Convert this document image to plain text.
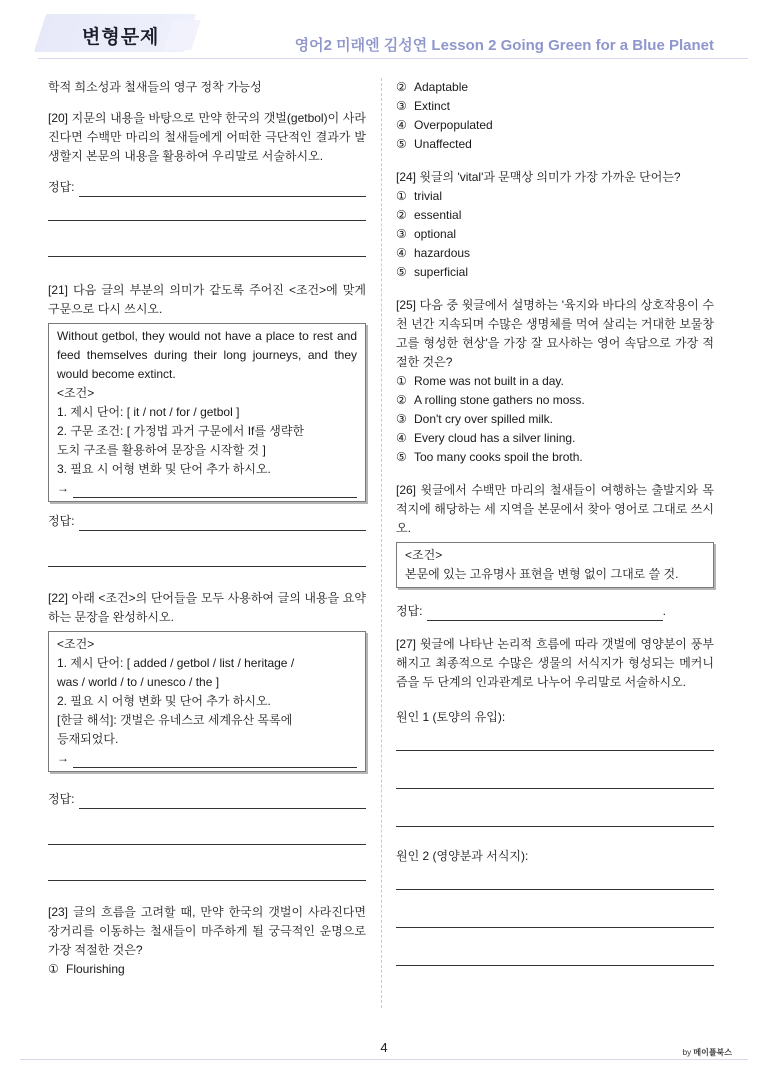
변형문제	영어2 미래엔 김성연 Lesson 2 Going Green for a Blue Planet

학적 희소성과 철새들의 영구 정착 가능성

[20] 지문의 내용을 바탕으로 만약 한국의 갯벌(getbol)이 사라진다면 수백만 마리의 철새들에게 어떠한 극단적인 결과가 발생할지 본문의 내용을 활용하여 우리말로 서술하시오.

정답:

[21] 다음 글의 부분의 의미가 같도록 주어진 <조건>에 맞게 구문으로 다시 쓰시오.

Without getbol, they would not have a place to rest and feed themselves during their long journeys, and they would become extinct.

<조건>

1. 제시 단어: [ it / not / for / getbol ]

2. 구문 조건: [ 가정법 과거 구문에서 If를 생략한

도치 구조를 활용하여 문장을 시작할 것 ]

3. 필요 시 어형 변화 및 단어 추가 하시오.

→
정답:

[22] 아래 <조건>의 단어들을 모두 사용하여 글의 내용을 요약하는 문장을 완성하시오.

<조건>

1. 제시 단어: [ added / getbol / list / heritage /

was / world / to / unesco / the ]

2. 필요 시 어형 변화 및 단어 추가 하시오.

[한글 해석]: 갯벌은 유네스코 세계유산 목록에

등재되었다.

→
정답:

[23] 글의 흐름을 고려할 때, 만약 한국의 갯벌이 사라진다면 장거리를 이동하는 철새들이 마주하게 될 궁극적인 운명으로 가장 적절한 것은?

① Flourishing
② Adaptable
③ Extinct
④ Overpopulated
⑤ Unaffected

[24] 윗글의 'vital'과 문맥상 의미가 가장 가까운 단어는?

① trivial
② essential
③ optional
④ hazardous
⑤ superficial

[25] 다음 중 윗글에서 설명하는 '육지와 바다의 상호작용이 수천 년간 지속되며 수많은 생명체를 먹여 살리는 거대한 보물창고를 형성한 현상'을 가장 잘 묘사하는 영어 속담으로 가장 적절한 것은?

① Rome was not built in a day.
② A rolling stone gathers no moss.
③ Don't cry over spilled milk.
④ Every cloud has a silver lining.
⑤ Too many cooks spoil the broth.

[26] 윗글에서 수백만 마리의 철새들이 여행하는 출발지와 목적지에 해당하는 세 지역을 본문에서 찾아 영어로 그대로 쓰시오.

<조건>

본문에 있는 고유명사 표현을 변형 없이 그대로 쓸 것.

정답:	.

[27] 윗글에 나타난 논리적 흐름에 따라 갯벌에 영양분이 풍부해지고 최종적으로 수많은 생물의 서식지가 형성되는 메커니즘을 두 단계의 인과관계로 나누어 우리말로 서술하시오.

원인 1 (토양의 유입):

원인 2 (영양분과 서식지):

4	by 메이플북스
